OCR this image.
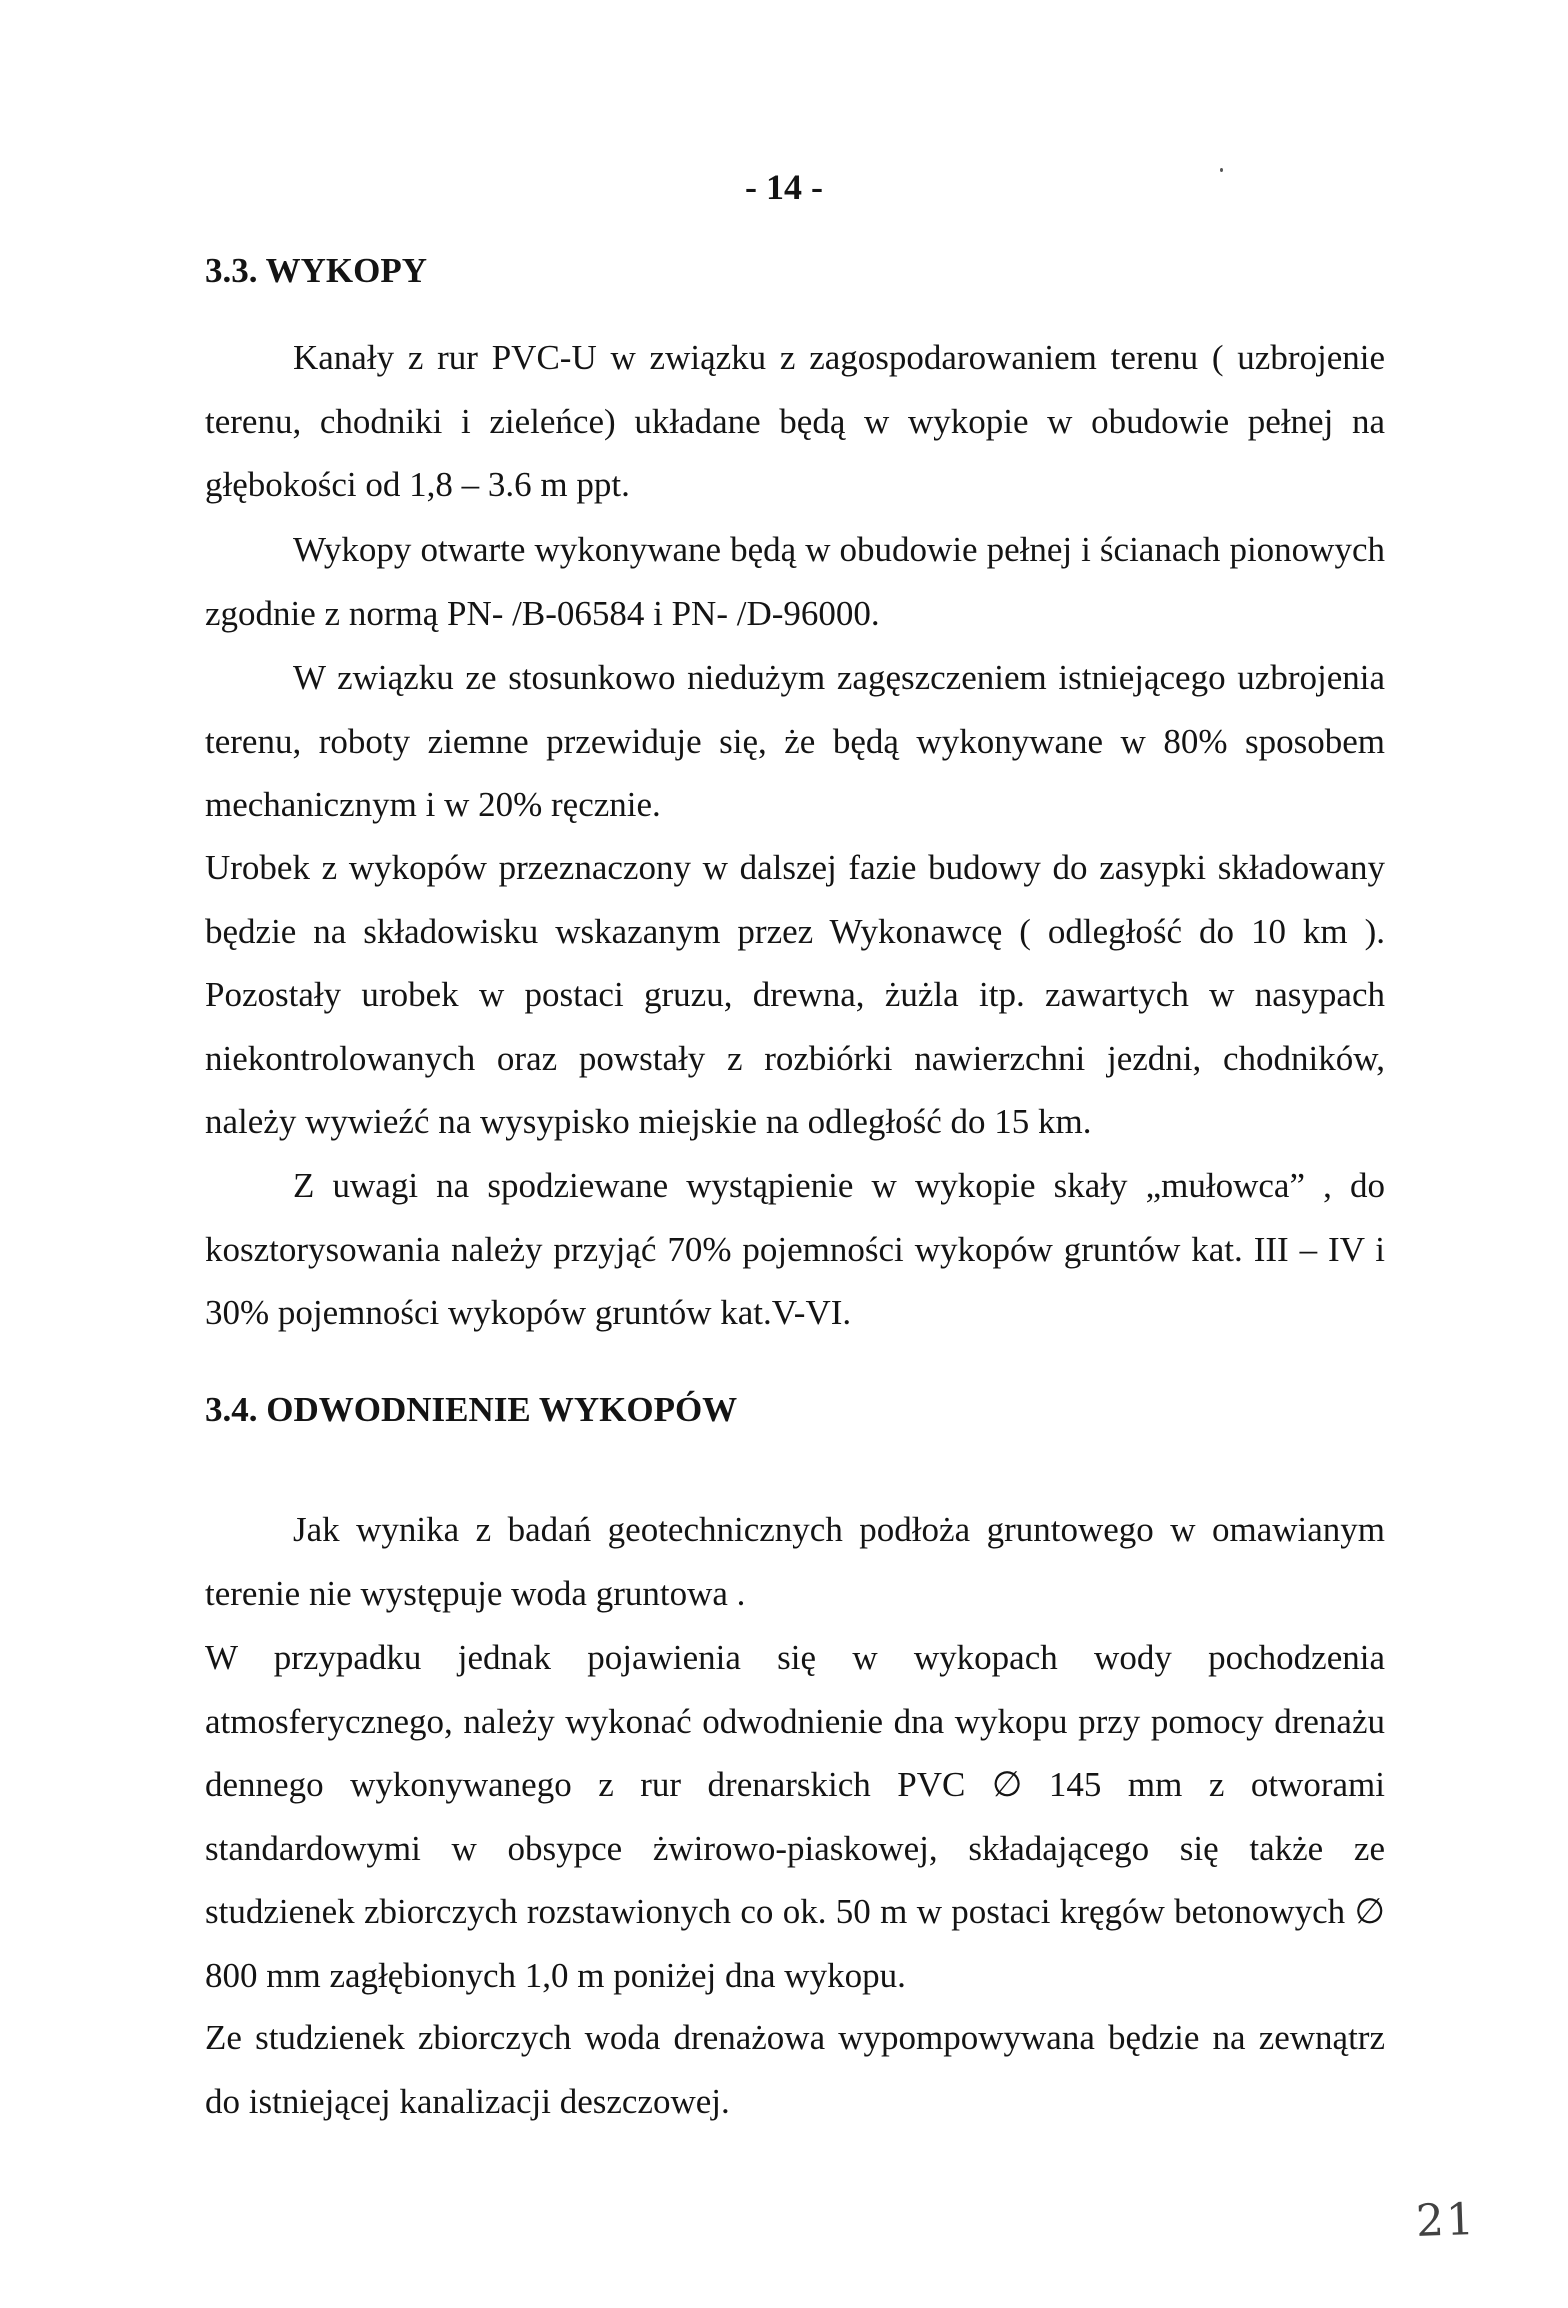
- 14 -
3.3. WYKOPY

Kanały z rur PVC-U w związku z zagospodarowaniem terenu ( uzbrojenie terenu, chodniki i zieleńce) układane będą w wykopie w obudowie pełnej na głębokości od 1,8 – 3.6 m ppt.

Wykopy otwarte wykonywane będą w obudowie pełnej i ścianach pionowych zgodnie z normą PN- /B-06584 i PN- /D-96000.

W związku ze stosunkowo niedużym zagęszczeniem istniejącego uzbrojenia terenu, roboty ziemne przewiduje się, że będą wykonywane w 80% sposobem mechanicznym i w 20% ręcznie.

Urobek z wykopów przeznaczony w dalszej fazie budowy do zasypki składowany będzie na składowisku wskazanym przez Wykonawcę ( odległość do 10 km ). Pozostały urobek w postaci gruzu, drewna, żużla itp. zawartych w nasypach niekontrolowanych oraz powstały z rozbiórki nawierzchni jezdni, chodników, należy wywieźć na wysypisko miejskie na odległość do 15 km.

Z uwagi na spodziewane wystąpienie w wykopie skały „mułowca” , do kosztorysowania należy przyjąć 70% pojemności wykopów gruntów kat. III – IV i 30% pojemności wykopów gruntów kat.V-VI.

3.4. ODWODNIENIE WYKOPÓW

Jak wynika z badań geotechnicznych podłoża gruntowego w omawianym terenie nie występuje woda gruntowa .

W przypadku jednak pojawienia się w wykopach wody pochodzenia atmosferycznego, należy wykonać odwodnienie dna wykopu przy pomocy drenażu dennego wykonywanego z rur drenarskich PVC ∅ 145 mm z otworami standardowymi w obsypce żwirowo-piaskowej, składającego się także ze studzienek zbiorczych rozstawionych co ok. 50 m w postaci kręgów betonowych ∅ 800 mm zagłębionych 1,0 m poniżej dna wykopu.

Ze studzienek zbiorczych woda drenażowa wypompowywana będzie na zewnątrz do istniejącej kanalizacji deszczowej.

21
